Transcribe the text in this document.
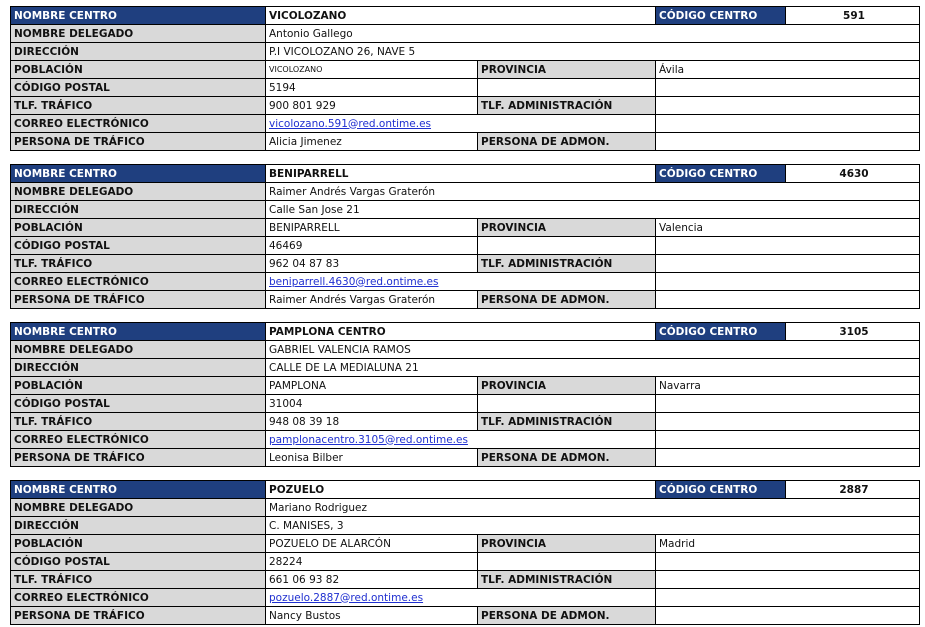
NOMBRE CENTRO	VICOLOZANO		CÓDIGO CENTRO	591
NOMBRE DELEGADO	Antonio Gallego			
DIRECCIÓN	P.I VICOLOZANO 26, NAVE 5			
POBLACIÓN	VICOLOZANO	PROVINCIA	Ávila	
CÓDIGO POSTAL	5194			
TLF. TRÁFICO	900 801 929	TLF. ADMINISTRACIÓN		
CORREO ELECTRÓNICO	vicolozano.591@red.ontime.es			
PERSONA DE TRÁFICO	Alicia Jimenez	PERSONA DE ADMON.		
NOMBRE CENTRO	BENIPARRELL		CÓDIGO CENTRO	4630
NOMBRE DELEGADO	Raimer Andrés Vargas Graterón			
DIRECCIÓN	Calle San Jose 21			
POBLACIÓN	BENIPARRELL	PROVINCIA	Valencia	
CÓDIGO POSTAL	46469			
TLF. TRÁFICO	962 04 87 83	TLF. ADMINISTRACIÓN		
CORREO ELECTRÓNICO	beniparrell.4630@red.ontime.es			
PERSONA DE TRÁFICO	Raimer Andrés Vargas Graterón	PERSONA DE ADMON.		
NOMBRE CENTRO	PAMPLONA CENTRO		CÓDIGO CENTRO	3105
NOMBRE DELEGADO	GABRIEL VALENCIA RAMOS			
DIRECCIÓN	CALLE DE LA MEDIALUNA 21			
POBLACIÓN	PAMPLONA	PROVINCIA	Navarra	
CÓDIGO POSTAL	31004			
TLF. TRÁFICO	948 08 39 18	TLF. ADMINISTRACIÓN		
CORREO ELECTRÓNICO	pamplonacentro.3105@red.ontime.es			
PERSONA DE TRÁFICO	Leonisa Bilber	PERSONA DE ADMON.		
NOMBRE CENTRO	POZUELO		CÓDIGO CENTRO	2887
NOMBRE DELEGADO	Mariano Rodriguez			
DIRECCIÓN	C. MANISES, 3			
POBLACIÓN	POZUELO DE ALARCÓN	PROVINCIA	Madrid	
CÓDIGO POSTAL	28224			
TLF. TRÁFICO	661 06 93 82	TLF. ADMINISTRACIÓN		
CORREO ELECTRÓNICO	pozuelo.2887@red.ontime.es			
PERSONA DE TRÁFICO	Nancy Bustos	PERSONA DE ADMON.		
